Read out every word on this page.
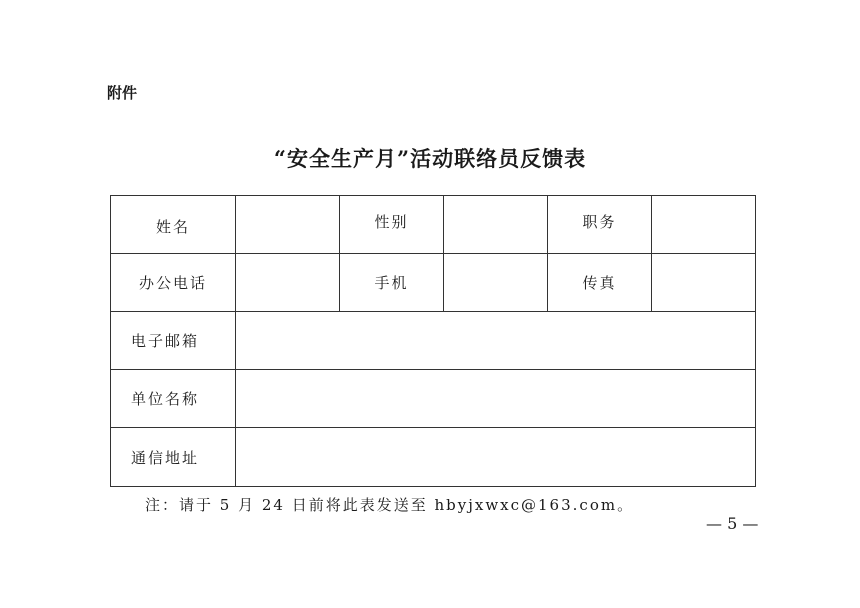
附件
“安全生产月”活动联络员反馈表
姓名		性别		职务	
办公电话		手机		传真	
电子邮箱					
单位名称					
通信地址					
注：请于 5 月 24 日前将此表发送至 hbyjxwxc@163.com。
— 5 —
